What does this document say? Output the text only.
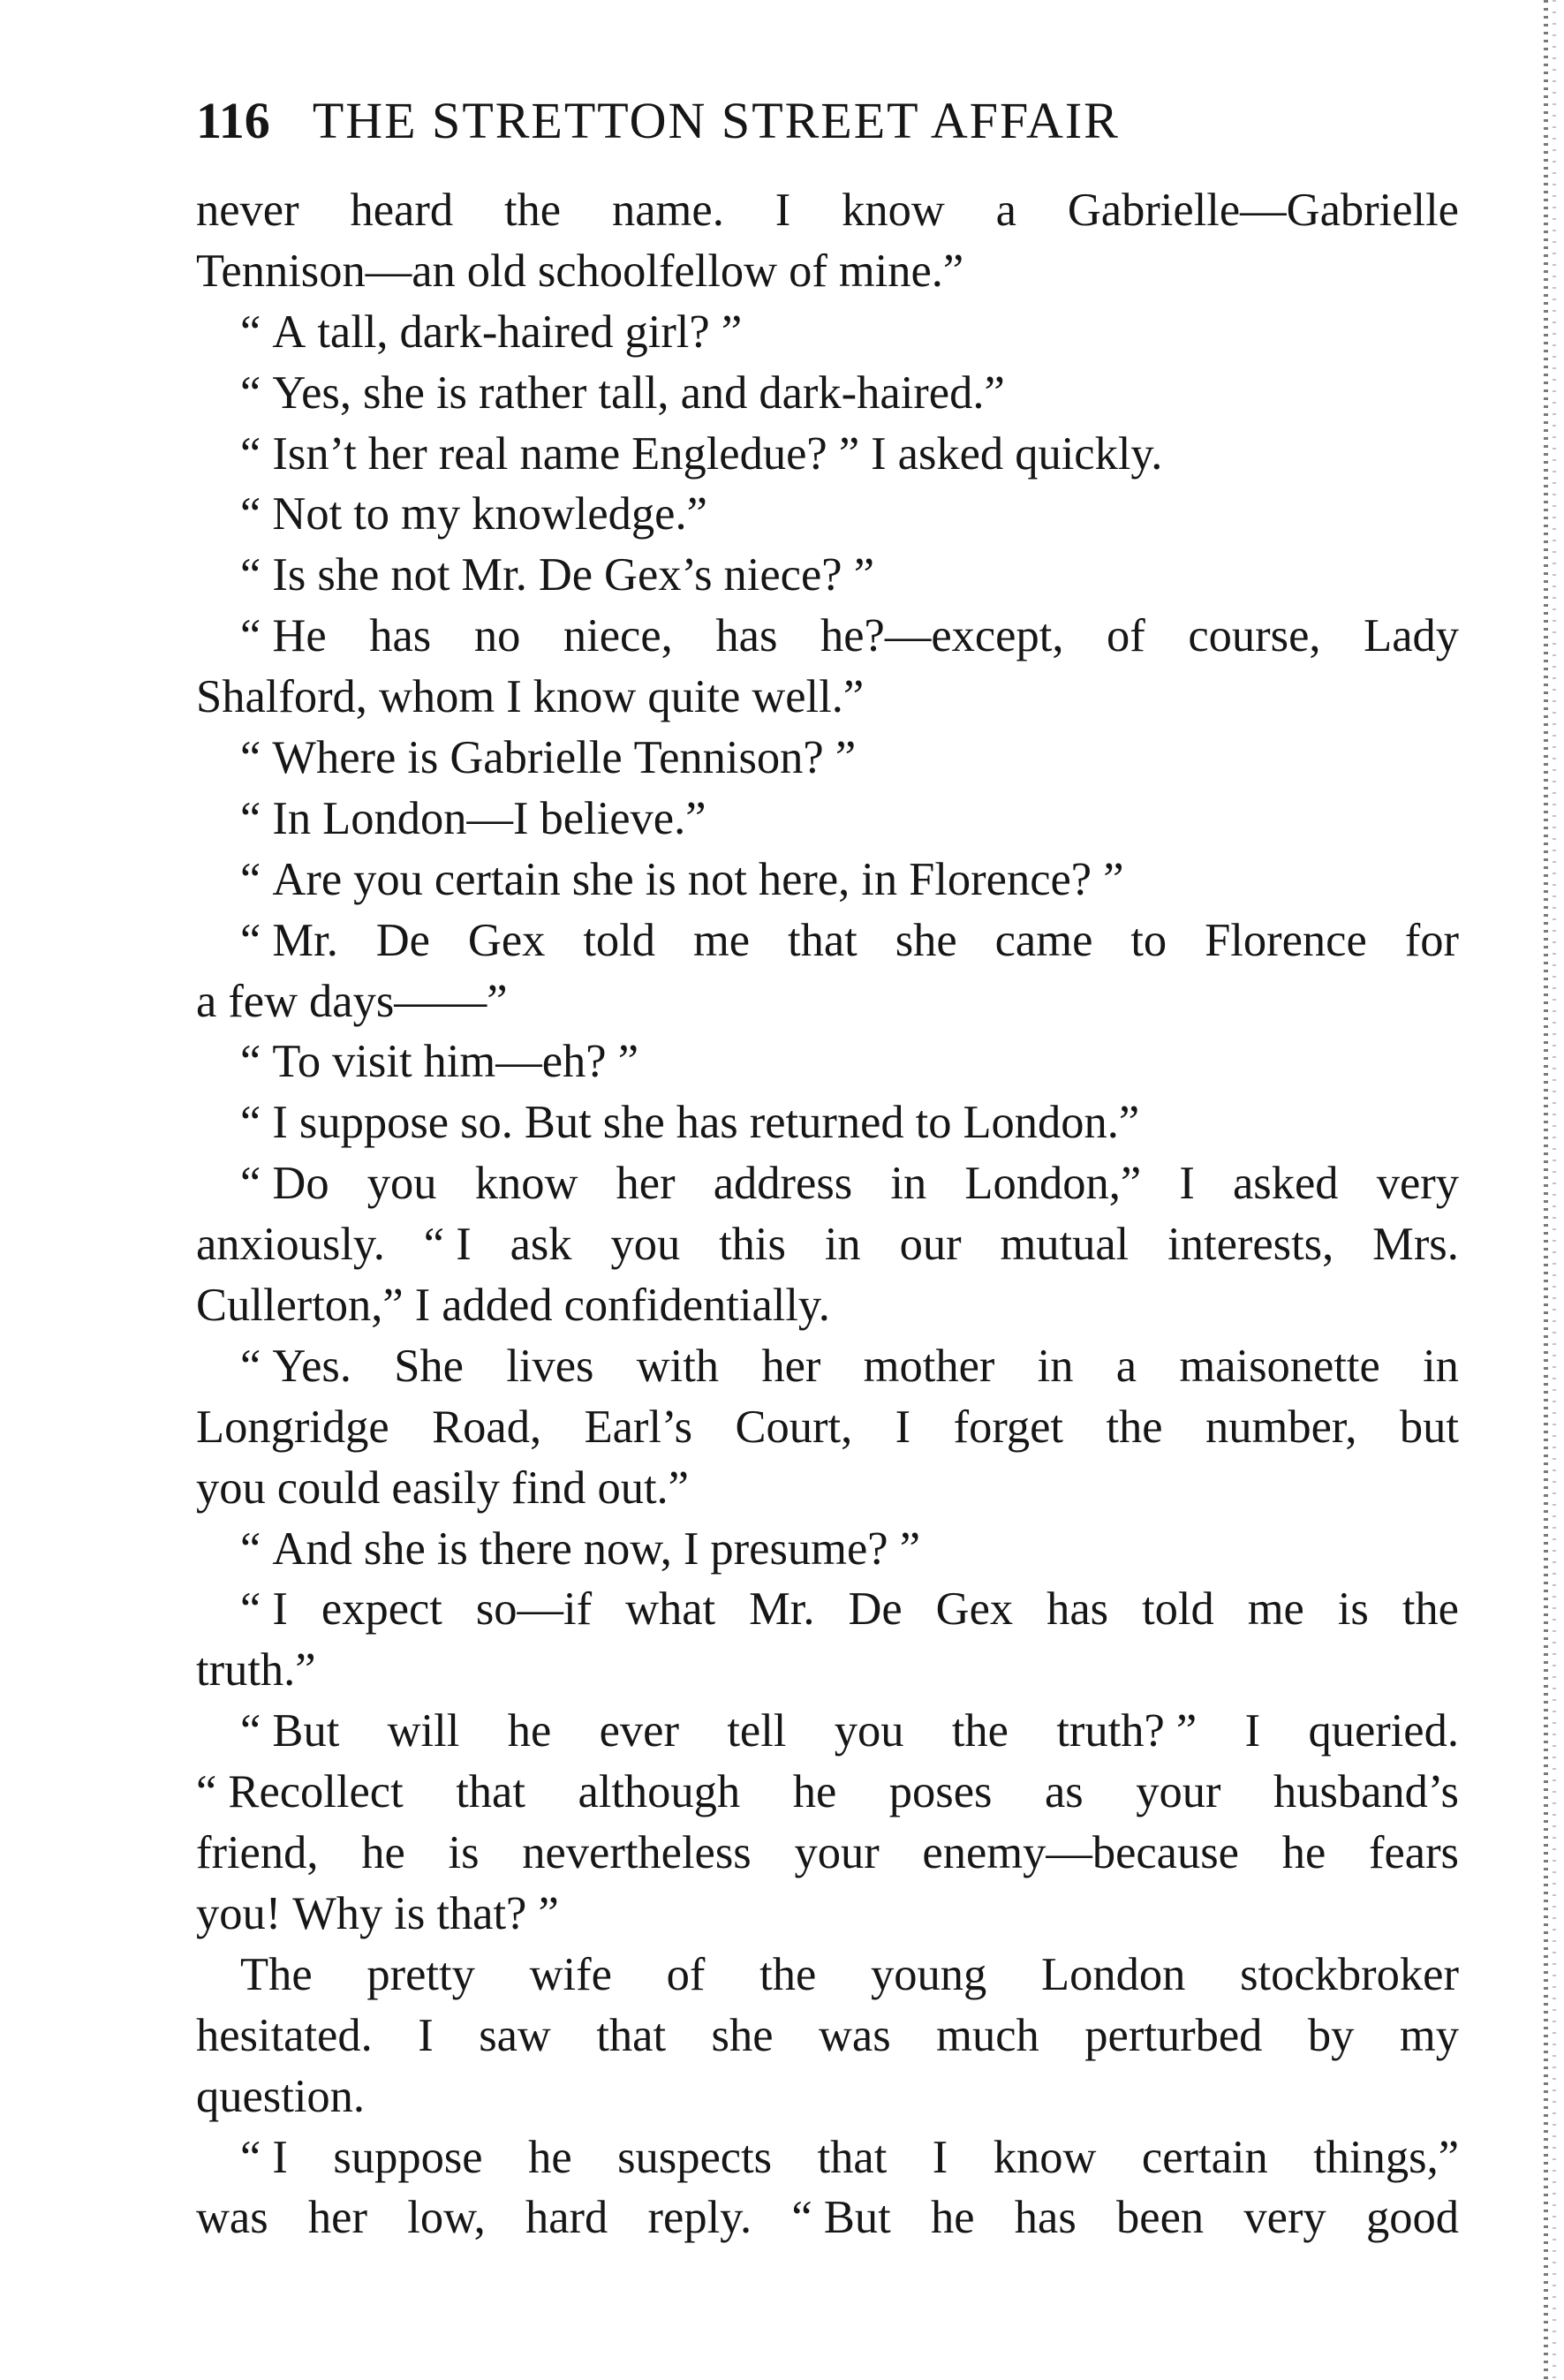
116 THE STRETTON STREET AFFAIR
never heard the name. I know a Gabrielle—Gabrielle
Tennison—an old schoolfellow of mine.”
“ A tall, dark-haired girl? ”
“ Yes, she is rather tall, and dark-haired.”
“ Isn’t her real name Engledue? ” I asked quickly.
“ Not to my knowledge.”
“ Is she not Mr. De Gex’s niece? ”
“ He has no niece, has he?—except, of course, Lady
Shalford, whom I know quite well.”
“ Where is Gabrielle Tennison? ”
“ In London—I believe.”
“ Are you certain she is not here, in Florence? ”
“ Mr. De Gex told me that she came to Florence for
a few days——”
“ To visit him—eh? ”
“ I suppose so. But she has returned to London.”
“ Do you know her address in London,” I asked very
anxiously. “ I ask you this in our mutual interests, Mrs.
Cullerton,” I added confidentially.
“ Yes. She lives with her mother in a maisonette in
Longridge Road, Earl’s Court, I forget the number, but
you could easily find out.”
“ And she is there now, I presume? ”
“ I expect so—if what Mr. De Gex has told me is the
truth.”
“ But will he ever tell you the truth? ” I queried.
“ Recollect that although he poses as your husband’s
friend, he is nevertheless your enemy—because he fears
you! Why is that? ”
The pretty wife of the young London stockbroker
hesitated. I saw that she was much perturbed by my
question.
“ I suppose he suspects that I know certain things,”
was her low, hard reply. “ But he has been very good
